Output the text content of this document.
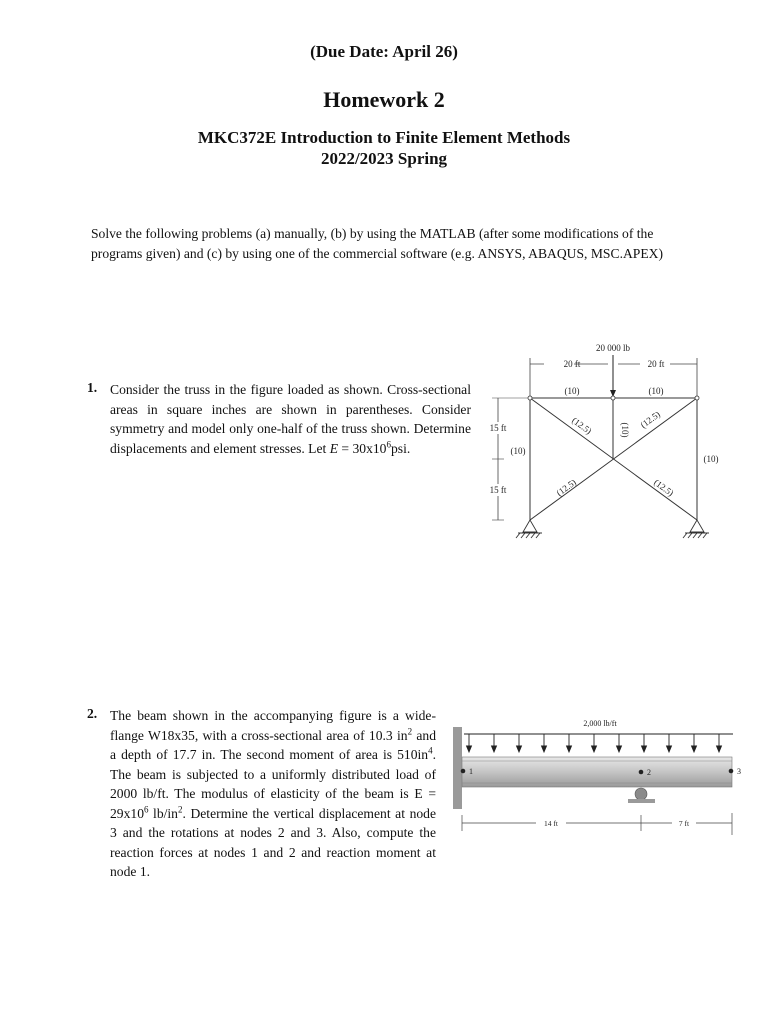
(Due Date: April 26)
Homework 2
MKC372E Introduction to Finite Element Methods
2022/2023 Spring
Solve the following problems (a) manually, (b) by using the MATLAB (after some modifications of the programs given) and (c) by using one of the commercial software (e.g. ANSYS, ABAQUS, MSC.APEX)
1. Consider the truss in the figure loaded as shown. Cross-sectional areas in square inches are shown in parentheses. Consider symmetry and model only one-half of the truss shown. Determine displacements and element stresses. Let $E = 30x10^6psi$.
20 000 lb
20 ft	20 ft
15 ft
15 ft
(10)	(10)
(12.5)	(12.5)
(10)
(10)
(10)
(12.5)	(12.5)
2. The beam shown in the accompanying figure is a wide-flange W18x35, with a cross-sectional area of 10.3 $in^2$ and a depth of 17.7 in. The second moment of area is $510in^4$. The beam is subjected to a uniformly distributed load of 2000 lb/ft. The modulus of elasticity of the beam is $E = 29x10^6$ $lb/in^2$. Determine the vertical displacement at node 3 and the rotations at nodes 2 and 3. Also, compute the reaction forces at nodes 1 and 2 and reaction moment at node 1.
2,000 lb/ft
1	2	3
14 ft	7 ft
